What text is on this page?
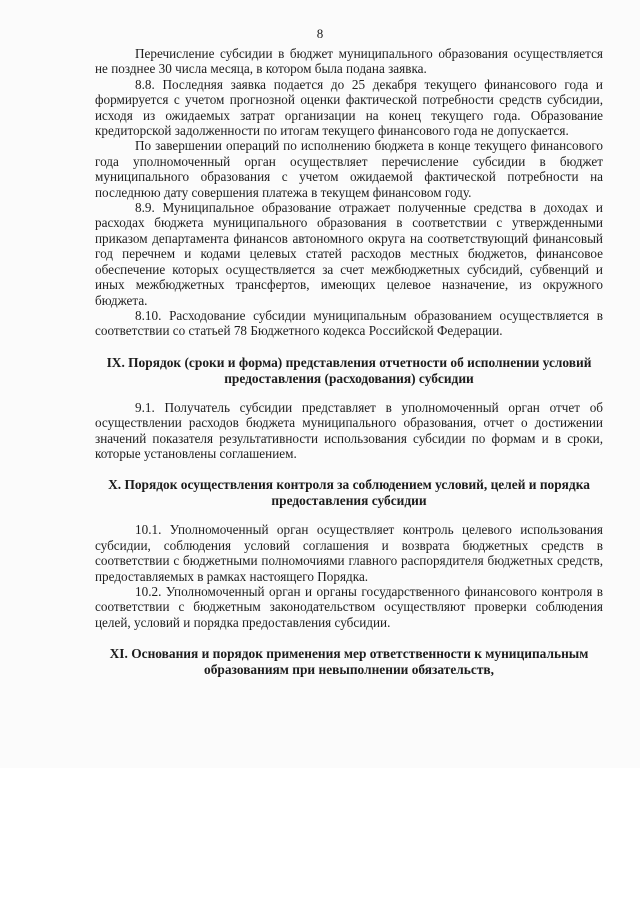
8

Перечисление субсидии в бюджет муниципального образования осуществляется не позднее 30 числа месяца, в котором была подана заявка.

8.8. Последняя заявка подается до 25 декабря текущего финансового года и формируется с учетом прогнозной оценки фактической потребности средств субсидии, исходя из ожидаемых затрат организации на конец текущего года. Образование кредиторской задолженности по итогам текущего финансового года не допускается.

По завершении операций по исполнению бюджета в конце текущего финансового года уполномоченный орган осуществляет перечисление субсидии в бюджет муниципального образования с учетом ожидаемой фактической потребности на последнюю дату совершения платежа в текущем финансовом году.

8.9. Муниципальное образование отражает полученные средства в доходах и расходах бюджета муниципального образования в соответствии с утвержденными приказом департамента финансов автономного округа на соответствующий финансовый год перечнем и кодами целевых статей расходов местных бюджетов, финансовое обеспечение которых осуществляется за счет межбюджетных субсидий, субвенций и иных межбюджетных трансфертов, имеющих целевое назначение, из окружного бюджета.

8.10. Расходование субсидии муниципальным образованием осуществляется в соответствии со статьей 78 Бюджетного кодекса Российской Федерации.

IX. Порядок (сроки и форма) представления отчетности об исполнении условий предоставления (расходования) субсидии

9.1. Получатель субсидии представляет в уполномоченный орган отчет об осуществлении расходов бюджета муниципального образования, отчет о достижении значений показателя результативности использования субсидии по формам и в сроки, которые установлены соглашением.

X. Порядок осуществления контроля за соблюдением условий, целей и порядка предоставления субсидии

10.1. Уполномоченный орган осуществляет контроль целевого использования субсидии, соблюдения условий соглашения и возврата бюджетных средств в соответствии с бюджетными полномочиями главного распорядителя бюджетных средств, предоставляемых в рамках настоящего Порядка.

10.2. Уполномоченный орган и органы государственного финансового контроля в соответствии с бюджетным законодательством осуществляют проверки соблюдения целей, условий и порядка предоставления субсидии.

XI. Основания и порядок применения мер ответственности к муниципальным образованиям при невыполнении обязательств,
